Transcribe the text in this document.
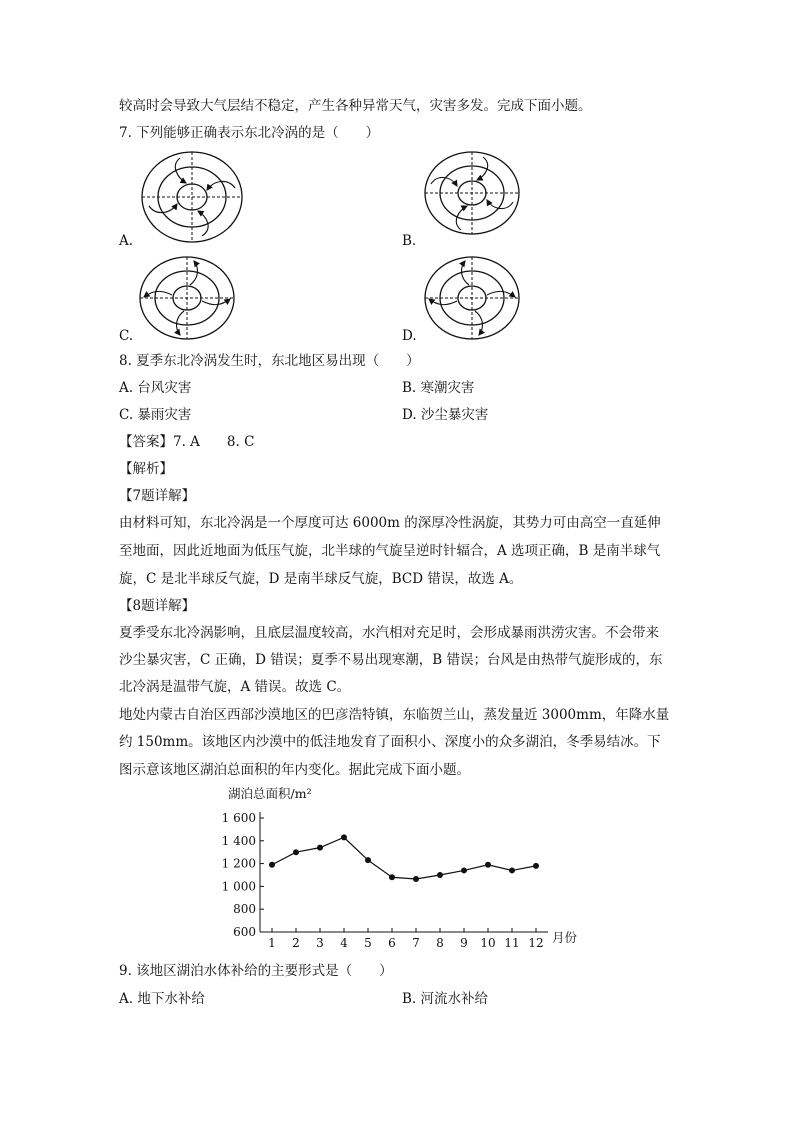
较高时会导致大气层结不稳定，产生各种异常天气，灾害多发。完成下面小题。
7. 下列能够正确表示东北冷涡的是（　　）
A.	B.
C.	D.
8. 夏季东北冷涡发生时，东北地区易出现（　　）
A. 台风灾害	B. 寒潮灾害
C. 暴雨灾害	D. 沙尘暴灾害
【答案】7. A　　8. C
【解析】
【7题详解】
由材料可知，东北冷涡是一个厚度可达 6000m 的深厚冷性涡旋，其势力可由高空一直延伸
至地面，因此近地面为低压气旋，北半球的气旋呈逆时针辐合，A 选项正确，B 是南半球气
旋，C 是北半球反气旋，D 是南半球反气旋，BCD 错误，故选 A。
【8题详解】
夏季受东北冷涡影响，且底层温度较高，水汽相对充足时，会形成暴雨洪涝灾害。不会带来
沙尘暴灾害，C 正确，D 错误；夏季不易出现寒潮，B 错误；台风是由热带气旋形成的，东
北冷涡是温带气旋，A 错误。故选 C。
地处内蒙古自治区西部沙漠地区的巴彦浩特镇，东临贺兰山，蒸发量近 3000mm，年降水量
约 150mm。该地区内沙漠中的低洼地发育了面积小、深度小的众多湖泊，冬季易结冰。下
图示意该地区湖泊总面积的年内变化。据此完成下面小题。
湖泊总面积/m²
月份
600
800
1 000
1 200
1 400
1 600
1 2 3 4 5 6 7 8 9 10 11 12
9. 该地区湖泊水体补给的主要形式是（　　）
A. 地下水补给	B. 河流水补给
